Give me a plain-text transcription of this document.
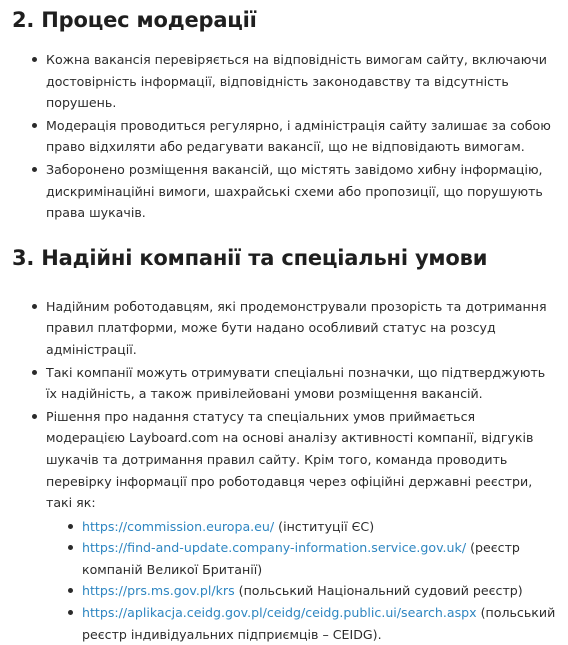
2. Процес модерації
Кожна вакансія перевіряється на відповідність вимогам сайту, включаючи достовірність інформації, відповідність законодавству та відсутність порушень.
Модерація проводиться регулярно, і адміністрація сайту залишає за собою право відхиляти або редагувати вакансії, що не відповідають вимогам.
Заборонено розміщення вакансій, що містять завідомо хибну інформацію, дискримінаційні вимоги, шахрайські схеми або пропозиції, що порушують права шукачів.
3. Надійні компанії та спеціальні умови
Надійним роботодавцям, які продемонстрували прозорість та дотримання правил платформи, може бути надано особливий статус на розсуд адміністрації.
Такі компанії можуть отримувати спеціальні позначки, що підтверджують їх надійність, а також привілейовані умови розміщення вакансій.
Рішення про надання статусу та спеціальних умов приймається модерацією Layboard.com на основі аналізу активності компанії, відгуків шукачів та дотримання правил сайту. Крім того, команда проводить перевірку інформації про роботодавця через офіційні державні реєстри, такі як:
https://commission.europa.eu/ (інституції ЄС)
https://find-and-update.company-information.service.gov.uk/ (реєстр компаній Великої Британії)
https://prs.ms.gov.pl/krs (польський Національний судовий реєстр)
https://aplikacja.ceidg.gov.pl/ceidg/ceidg.public.ui/search.aspx (польський реєстр індивідуальних підприємців – CEIDG).
